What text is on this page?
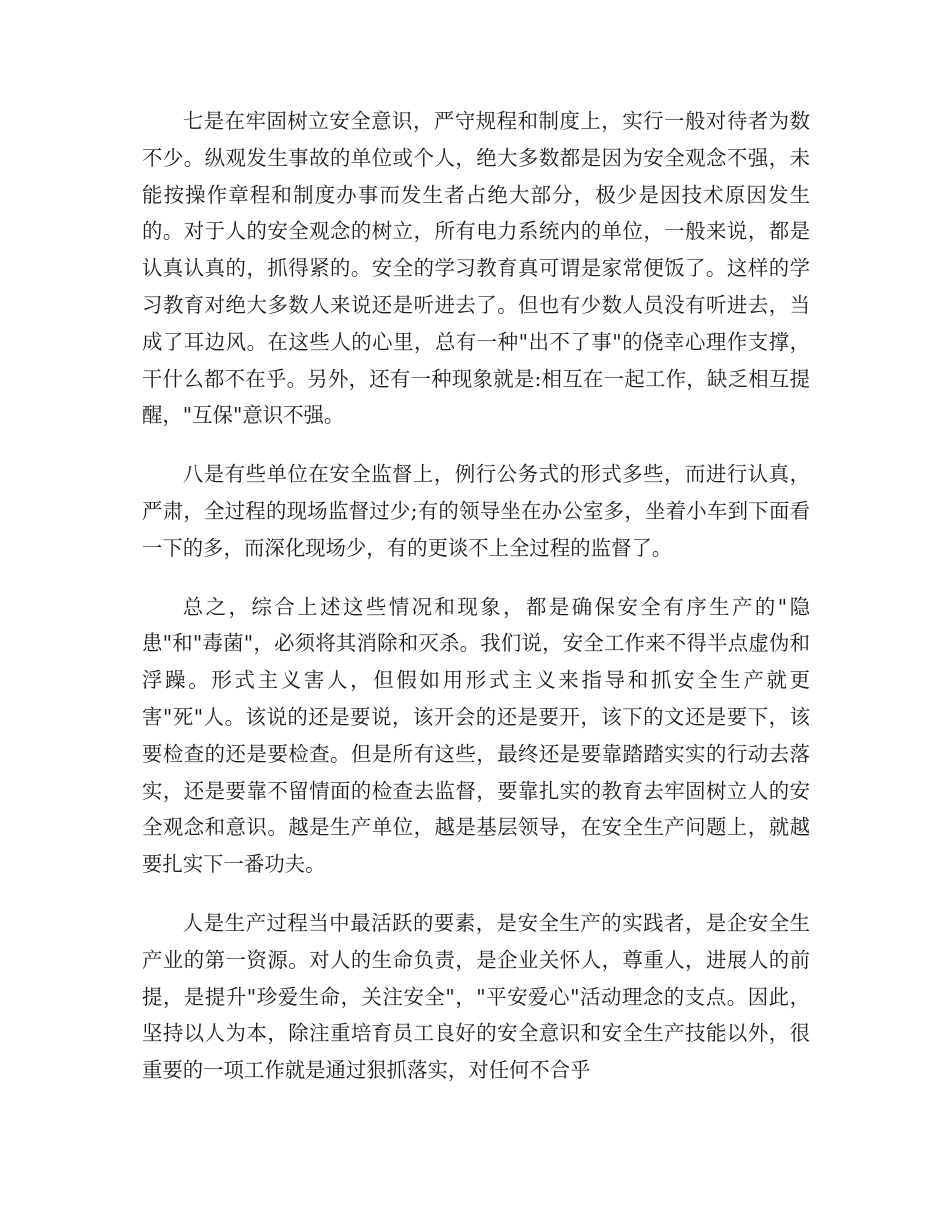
七是在牢固树立安全意识，严守规程和制度上，实行一般对待者为数不少。纵观发生事故的单位或个人，绝大多数都是因为安全观念不强，未能按操作章程和制度办事而发生者占绝大部分，极少是因技术原因发生的。对于人的安全观念的树立，所有电力系统内的单位，一般来说，都是认真认真的，抓得紧的。安全的学习教育真可谓是家常便饭了。这样的学习教育对绝大多数人来说还是听进去了。但也有少数人员没有听进去，当成了耳边风。在这些人的心里，总有一种"出不了事"的侥幸心理作支撑，干什么都不在乎。另外，还有一种现象就是:相互在一起工作，缺乏相互提醒，"互保"意识不强。

八是有些单位在安全监督上，例行公务式的形式多些，而进行认真，严肃，全过程的现场监督过少;有的领导坐在办公室多，坐着小车到下面看一下的多，而深化现场少，有的更谈不上全过程的监督了。

总之，综合上述这些情况和现象，都是确保安全有序生产的"隐患"和"毒菌"，必须将其消除和灭杀。我们说，安全工作来不得半点虚伪和浮躁。形式主义害人，但假如用形式主义来指导和抓安全生产就更害"死"人。该说的还是要说，该开会的还是要开，该下的文还是要下，该要检查的还是要检查。但是所有这些，最终还是要靠踏踏实实的行动去落实，还是要靠不留情面的检查去监督，要靠扎实的教育去牢固树立人的安全观念和意识。越是生产单位，越是基层领导，在安全生产问题上，就越要扎实下一番功夫。

人是生产过程当中最活跃的要素，是安全生产的实践者，是企安全生产业的第一资源。对人的生命负责，是企业关怀人，尊重人，进展人的前提，是提升"珍爱生命，关注安全"，"平安爱心"活动理念的支点。因此，坚持以人为本，除注重培育员工良好的安全意识和安全生产技能以外，很重要的一项工作就是通过狠抓落实，对任何不合乎
